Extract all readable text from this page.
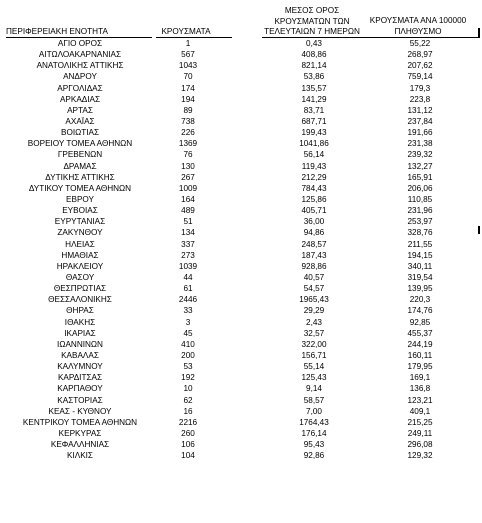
ΠΕΡΙΦΕΡΕΙΑΚΗ ΕΝΟΤΗΤΑ	ΚΡΟΥΣΜΑΤΑ
ΜΕΣΟΣ ΟΡΟΣ
ΚΡΟΥΣΜΑΤΩΝ ΤΩΝ
ΤΕΛΕΥΤΑΙΩΝ 7 ΗΜΕΡΩΝ
ΚΡΟΥΣΜΑΤΑ ΑΝΑ 100000
ΠΛΗΘΥΣΜΟ
ΑΓΙΟ ΟΡΟΣ	1	0,43	55,22
ΑΙΤΩΛΟΑΚΑΡΝΑΝΙΑΣ	567	408,86	268,97
ΑΝΑΤΟΛΙΚΗΣ ΑΤΤΙΚΗΣ	1043	821,14	207,62
ΑΝΔΡΟΥ	70	53,86	759,14
ΑΡΓΟΛΙΔΑΣ	174	135,57	179,3
ΑΡΚΑΔΙΑΣ	194	141,29	223,8
ΑΡΤΑΣ	89	83,71	131,12
ΑΧΑΪΑΣ	738	687,71	237,84
ΒΟΙΩΤΙΑΣ	226	199,43	191,66
ΒΟΡΕΙΟΥ ΤΟΜΕΑ ΑΘΗΝΩΝ	1369	1041,86	231,38
ΓΡΕΒΕΝΩΝ	76	56,14	239,32
ΔΡΑΜΑΣ	130	119,43	132,27
ΔΥΤΙΚΗΣ ΑΤΤΙΚΗΣ	267	212,29	165,91
ΔΥΤΙΚΟΥ ΤΟΜΕΑ ΑΘΗΝΩΝ	1009	784,43	206,06
ΕΒΡΟΥ	164	125,86	110,85
ΕΥΒΟΙΑΣ	489	405,71	231,96
ΕΥΡΥΤΑΝΙΑΣ	51	36,00	253,97
ΖΑΚΥΝΘΟΥ	134	94,86	328,76
ΗΛΕΙΑΣ	337	248,57	211,55
ΗΜΑΘΙΑΣ	273	187,43	194,15
ΗΡΑΚΛΕΙΟΥ	1039	928,86	340,11
ΘΑΣΟΥ	44	40,57	319,54
ΘΕΣΠΡΩΤΙΑΣ	61	54,57	139,95
ΘΕΣΣΑΛΟΝΙΚΗΣ	2446	1965,43	220,3
ΘΗΡΑΣ	33	29,29	174,76
ΙΘΑΚΗΣ	3	2,43	92,85
ΙΚΑΡΙΑΣ	45	32,57	455,37
ΙΩΑΝΝΙΝΩΝ	410	322,00	244,19
ΚΑΒΑΛΑΣ	200	156,71	160,11
ΚΑΛΥΜΝΟΥ	53	55,14	179,95
ΚΑΡΔΙΤΣΑΣ	192	125,43	169,1
ΚΑΡΠΑΘΟΥ	10	9,14	136,8
ΚΑΣΤΟΡΙΑΣ	62	58,57	123,21
ΚΕΑΣ - ΚΥΘΝΟΥ	16	7,00	409,1
ΚΕΝΤΡΙΚΟΥ ΤΟΜΕΑ ΑΘΗΝΩΝ	2216	1764,43	215,25
ΚΕΡΚΥΡΑΣ	260	176,14	249,11
ΚΕΦΑΛΛΗΝΙΑΣ	106	95,43	296,08
ΚΙΛΚΙΣ	104	92,86	129,32
